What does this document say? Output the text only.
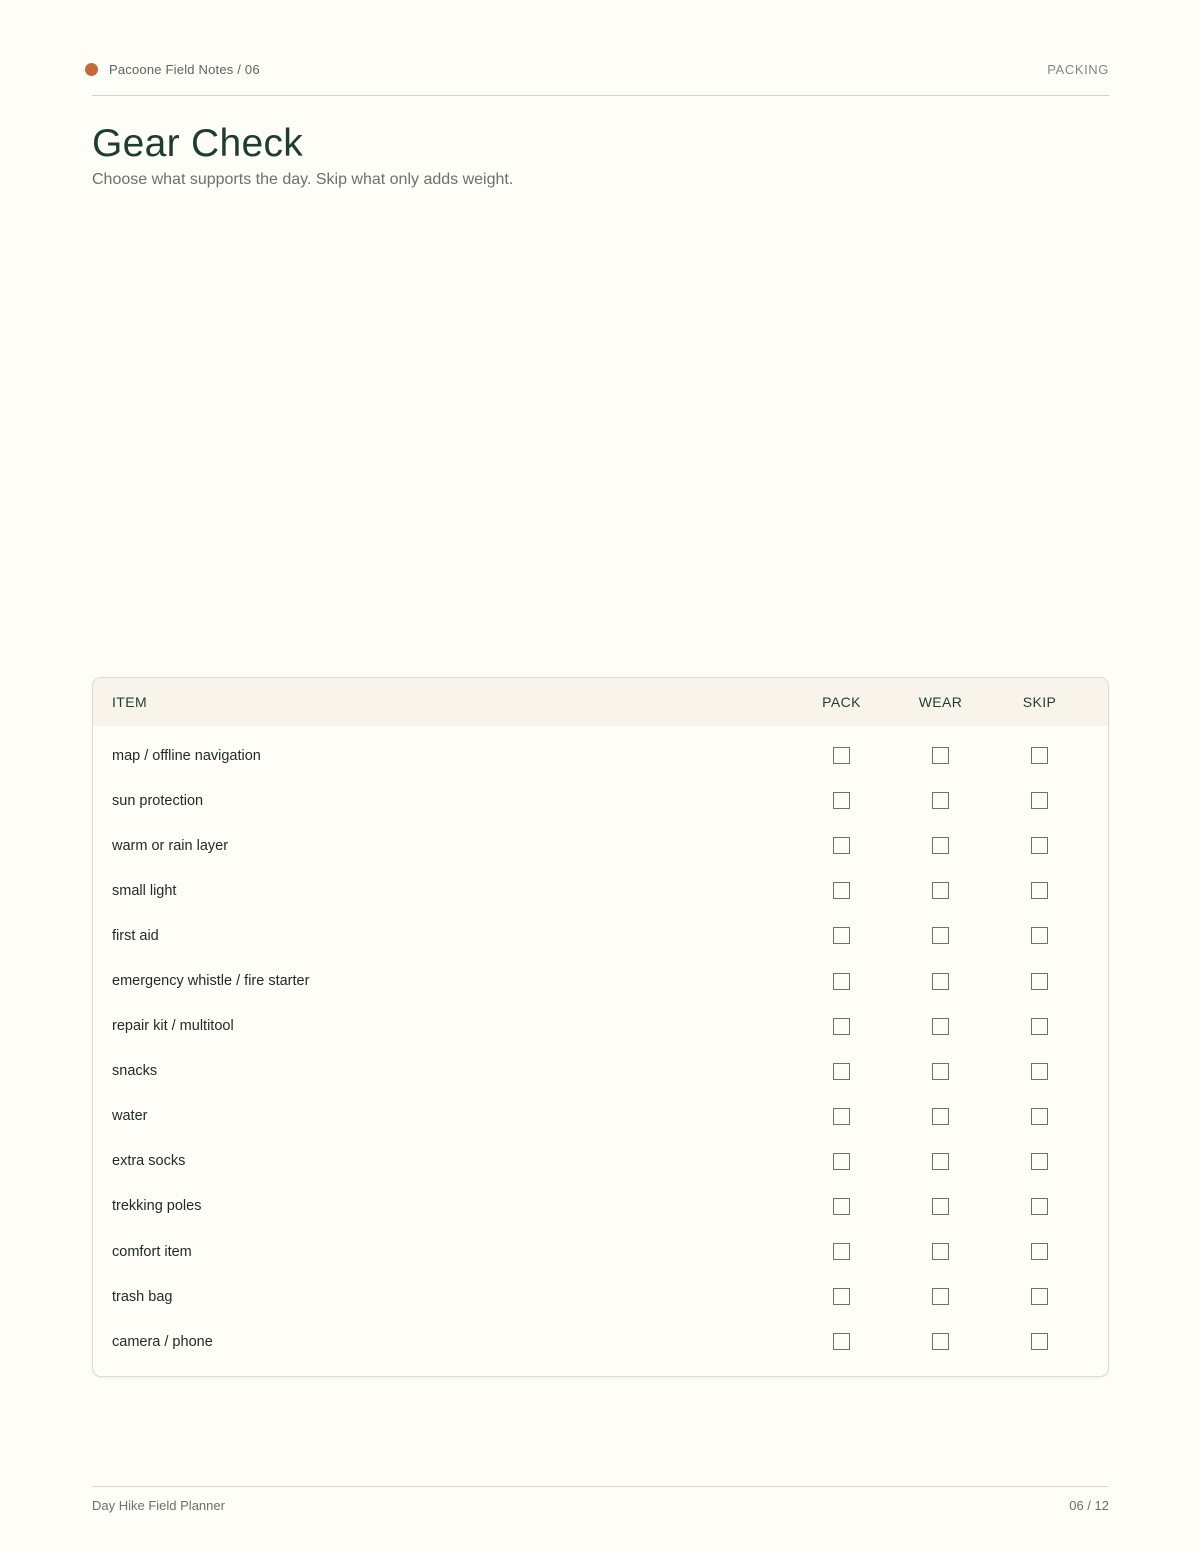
Pacoone Field Notes / 06	PACKING
Gear Check

Choose what supports the day. Skip what only adds weight.

ITEM	PACK	WEAR	SKIP
map / offline navigation
sun protection
warm or rain layer
small light
first aid
emergency whistle / fire starter
repair kit / multitool
snacks
water
extra socks
trekking poles
comfort item
trash bag
camera / phone
Day Hike Field Planner	06 / 12
